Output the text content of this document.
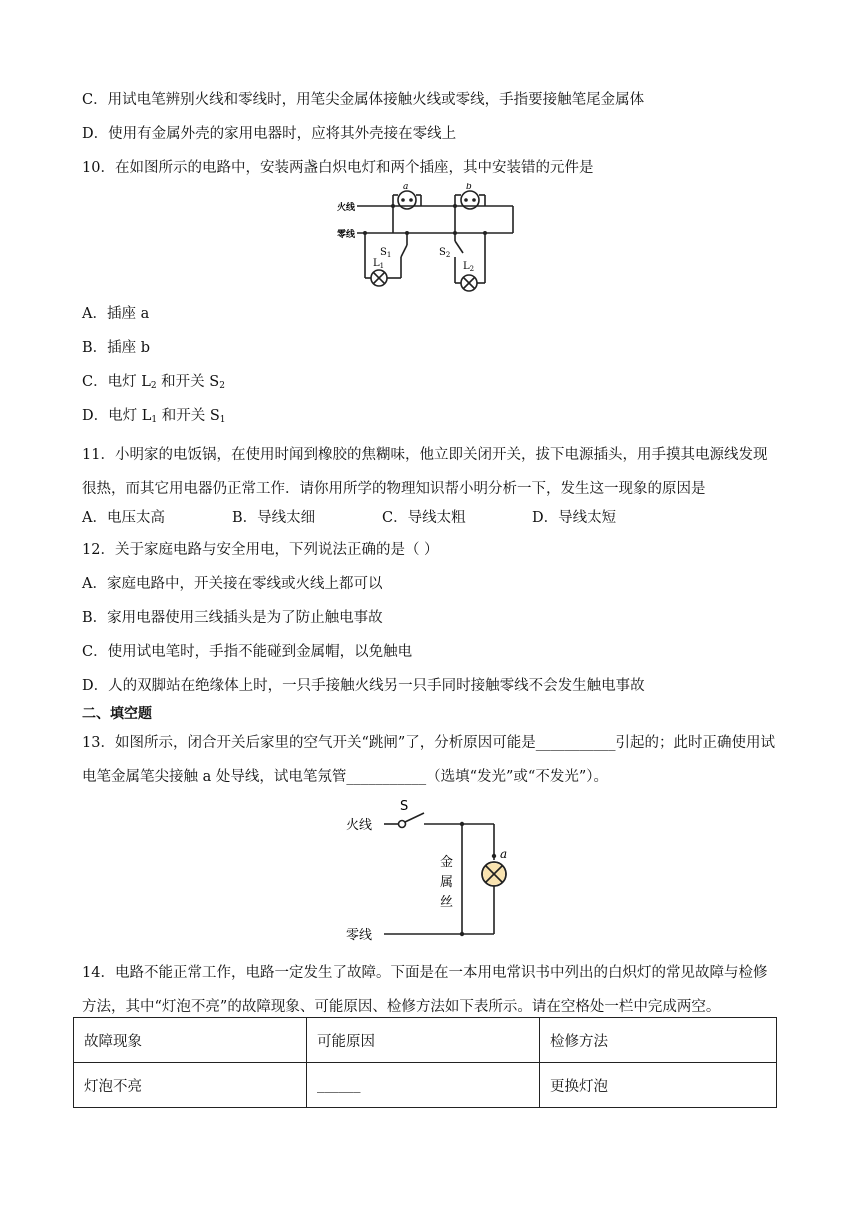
C．用试电笔辨别火线和零线时，用笔尖金属体接触火线或零线，手指要接触笔尾金属体
D．使用有金属外壳的家用电器时，应将其外壳接在零线上
10．在如图所示的电路中，安装两盏白炽电灯和两个插座，其中安装错的元件是
火线
零线
a	b
$S_1$	$S_2$
$L_1$	$L_2$
A．插座 a
B．插座 b
C．电灯 $L_2$ 和开关 $S_2$
D．电灯 $L_1$ 和开关 $S_1$
11．小明家的电饭锅，在使用时闻到橡胶的焦糊味，他立即关闭开关，拔下电源插头，用手摸其电源线发现很热，而其它用电器仍正常工作．请你用所学的物理知识帮小明分析一下，发生这一现象的原因是
A．电压太高	B．导线太细	C．导线太粗	D．导线太短
12．关于家庭电路与安全用电，下列说法正确的是（ ）
A．家庭电路中，开关接在零线或火线上都可以
B．家用电器使用三线插头是为了防止触电事故
C．使用试电笔时，手指不能碰到金属帽，以免触电
D．人的双脚站在绝缘体上时，一只手接触火线另一只手同时接触零线不会发生触电事故
二、填空题
13．如图所示，闭合开关后家里的空气开关“跳闸”了，分析原因可能是___________引起的；此时正确使用试电笔金属笔尖接触 a 处导线，试电笔氖管___________（选填“发光”或“不发光”）。
S
火线
零线
金
属
丝
a
14．电路不能正常工作，电路一定发生了故障。下面是在一本用电常识书中列出的白炽灯的常见故障与检修方法，其中“灯泡不亮”的故障现象、可能原因、检修方法如下表所示。请在空格处一栏中完成两空。
故障现象	可能原因	检修方法
灯泡不亮	______	更换灯泡
